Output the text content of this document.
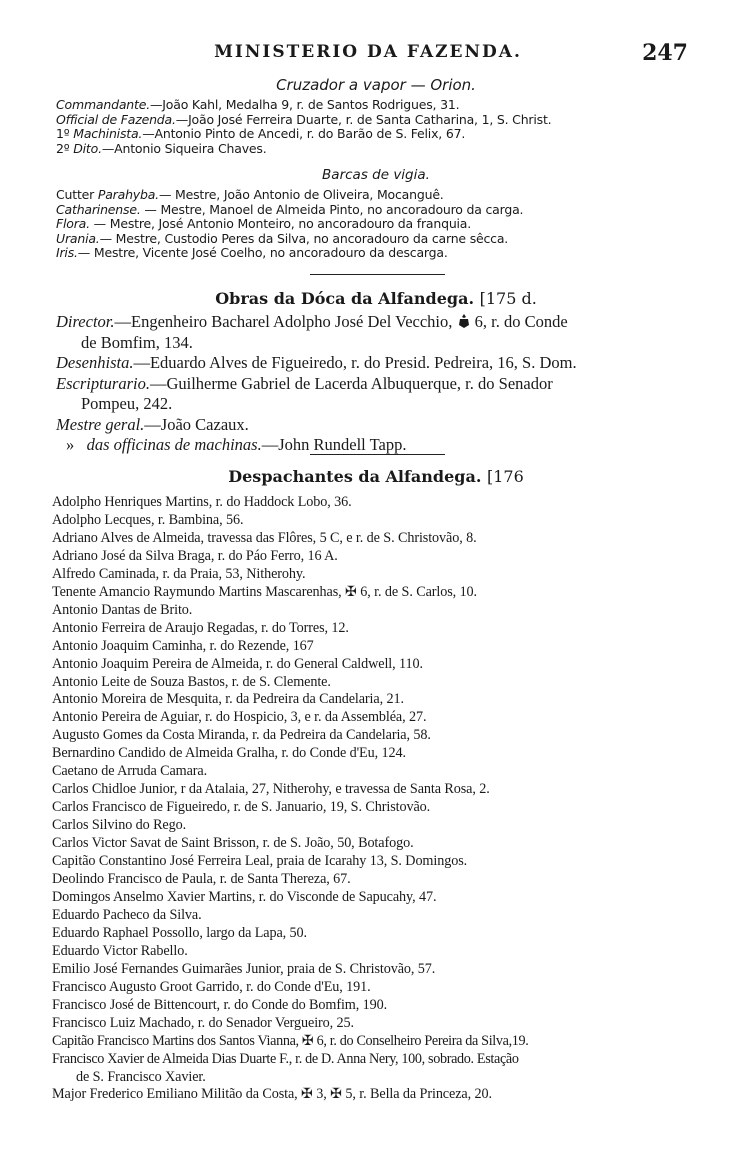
MINISTERIO DA FAZENDA.	247
Cruzador a vapor — Orion.
Commandante.—João Kahl, Medalha 9, r. de Santos Rodrigues, 31.
Official de Fazenda.—João José Ferreira Duarte, r. de Santa Catharina, 1, S. Christ.
1º Machinista.—Antonio Pinto de Ancedi, r. do Barão de S. Felix, 67.
2º Dito.—Antonio Siqueira Chaves.
Barcas de vigia.
Cutter Parahyba.— Mestre, João Antonio de Oliveira, Mocanguê.
Catharinense. — Mestre, Manoel de Almeida Pinto, no ancoradouro da carga.
Flora. — Mestre, José Antonio Monteiro, no ancoradouro da franquia.
Urania.— Mestre, Custodio Peres da Silva, no ancoradouro da carne sêcca.
Iris.— Mestre, Vicente José Coelho, no ancoradouro da descarga.
Obras da Dóca da Alfandega. [175 d.
Director.—Engenheiro Bacharel Adolpho José Del Vecchio, 6, r. do Conde
de Bomfim, 134.
Desenhista.—Eduardo Alves de Figueiredo, r. do Presid. Pedreira, 16, S. Dom.
Escripturario.—Guilherme Gabriel de Lacerda Albuquerque, r. do Senador
Pompeu, 242.
Mestre geral.—João Cazaux.
» das officinas de machinas.—John Rundell Tapp.
Despachantes da Alfandega. [176
Adolpho Henriques Martins, r. do Haddock Lobo, 36.
Adolpho Lecques, r. Bambina, 56.
Adriano Alves de Almeida, travessa das Flôres, 5 C, e r. de S. Christovão, 8.
Adriano José da Silva Braga, r. do Páo Ferro, 16 A.
Alfredo Caminada, r. da Praia, 53, Nitherohy.
Tenente Amancio Raymundo Martins Mascarenhas, ✠ 6, r. de S. Carlos, 10.
Antonio Dantas de Brito.
Antonio Ferreira de Araujo Regadas, r. do Torres, 12.
Antonio Joaquim Caminha, r. do Rezende, 167
Antonio Joaquim Pereira de Almeida, r. do General Caldwell, 110.
Antonio Leite de Souza Bastos, r. de S. Clemente.
Antonio Moreira de Mesquita, r. da Pedreira da Candelaria, 21.
Antonio Pereira de Aguiar, r. do Hospicio, 3, e r. da Assembléa, 27.
Augusto Gomes da Costa Miranda, r. da Pedreira da Candelaria, 58.
Bernardino Candido de Almeida Gralha, r. do Conde d'Eu, 124.
Caetano de Arruda Camara.
Carlos Chidloe Junior, r da Atalaia, 27, Nitherohy, e travessa de Santa Rosa, 2.
Carlos Francisco de Figueiredo, r. de S. Januario, 19, S. Christovão.
Carlos Silvino do Rego.
Carlos Victor Savat de Saint Brisson, r. de S. João, 50, Botafogo.
Capitão Constantino José Ferreira Leal, praia de Icarahy 13, S. Domingos.
Deolindo Francisco de Paula, r. de Santa Thereza, 67.
Domingos Anselmo Xavier Martins, r. do Visconde de Sapucahy, 47.
Eduardo Pacheco da Silva.
Eduardo Raphael Possollo, largo da Lapa, 50.
Eduardo Victor Rabello.
Emilio José Fernandes Guimarães Junior, praia de S. Christovão, 57.
Francisco Augusto Groot Garrido, r. do Conde d'Eu, 191.
Francisco José de Bittencourt, r. do Conde do Bomfim, 190.
Francisco Luiz Machado, r. do Senador Vergueiro, 25.
Capitão Francisco Martins dos Santos Vianna, ✠ 6, r. do Conselheiro Pereira da Silva,19.
Francisco Xavier de Almeida Dias Duarte F., r. de D. Anna Nery, 100, sobrado. Estação
de S. Francisco Xavier.
Major Frederico Emiliano Militão da Costa, ✠ 3, ✠ 5, r. Bella da Princeza, 20.
